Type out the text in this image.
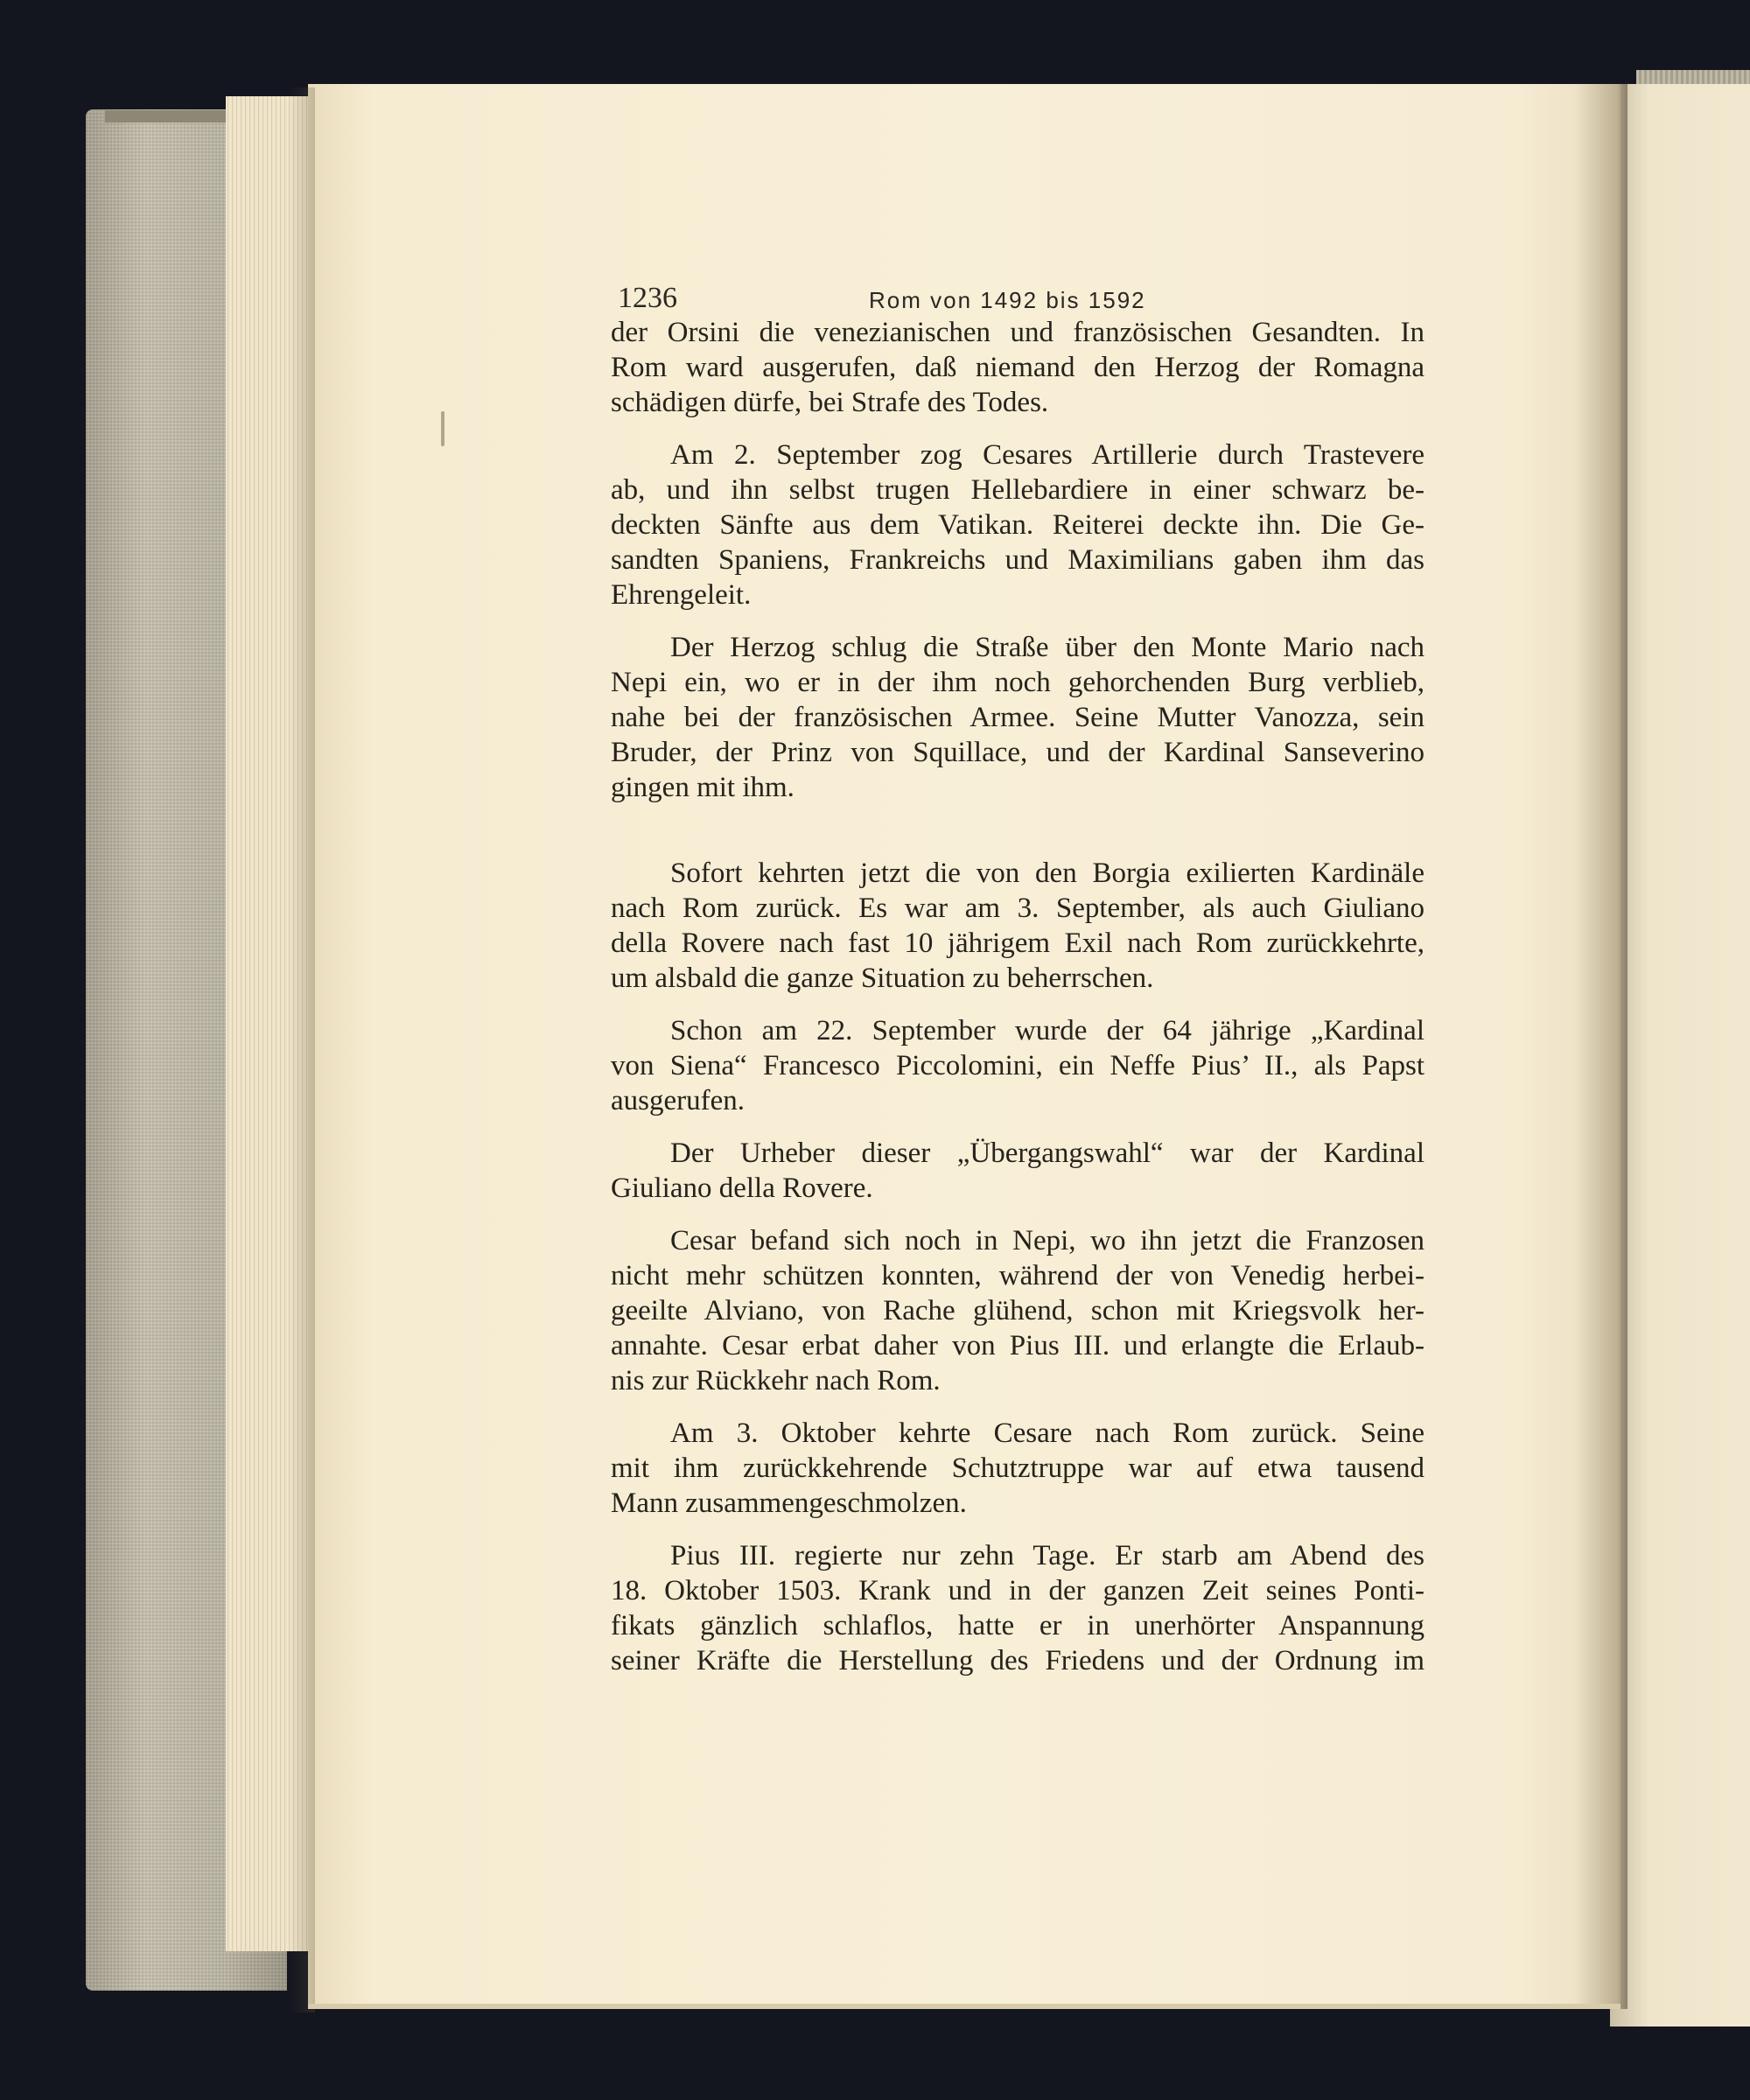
1236	Rom von 1492 bis 1592

der Orsini die venezianischen und französischen Gesandten. In
Rom ward ausgerufen, daß niemand den Herzog der Romagna
schädigen dürfe, bei Strafe des Todes.

Am 2. September zog Cesares Artillerie durch Trastevere
ab, und ihn selbst trugen Hellebardiere in einer schwarz be-
deckten Sänfte aus dem Vatikan. Reiterei deckte ihn. Die Ge-
sandten Spaniens, Frankreichs und Maximilians gaben ihm das
Ehrengeleit.

Der Herzog schlug die Straße über den Monte Mario nach
Nepi ein, wo er in der ihm noch gehorchenden Burg verblieb,
nahe bei der französischen Armee. Seine Mutter Vanozza, sein
Bruder, der Prinz von Squillace, und der Kardinal Sanseverino
gingen mit ihm.

Sofort kehrten jetzt die von den Borgia exilierten Kardinäle
nach Rom zurück. Es war am 3. September, als auch Giuliano
della Rovere nach fast 10 jährigem Exil nach Rom zurückkehrte,
um alsbald die ganze Situation zu beherrschen.

Schon am 22. September wurde der 64 jährige „Kardinal
von Siena“ Francesco Piccolomini, ein Neffe Pius’ II., als Papst
ausgerufen.

Der Urheber dieser „Übergangswahl“ war der Kardinal
Giuliano della Rovere.

Cesar befand sich noch in Nepi, wo ihn jetzt die Franzosen
nicht mehr schützen konnten, während der von Venedig herbei-
geeilte Alviano, von Rache glühend, schon mit Kriegsvolk her-
annahte. Cesar erbat daher von Pius III. und erlangte die Erlaub-
nis zur Rückkehr nach Rom.

Am 3. Oktober kehrte Cesare nach Rom zurück. Seine
mit ihm zurückkehrende Schutztruppe war auf etwa tausend
Mann zusammengeschmolzen.

Pius III. regierte nur zehn Tage. Er starb am Abend des
18. Oktober 1503. Krank und in der ganzen Zeit seines Ponti-
fikats gänzlich schlaflos, hatte er in unerhörter Anspannung
seiner Kräfte die Herstellung des Friedens und der Ordnung im
